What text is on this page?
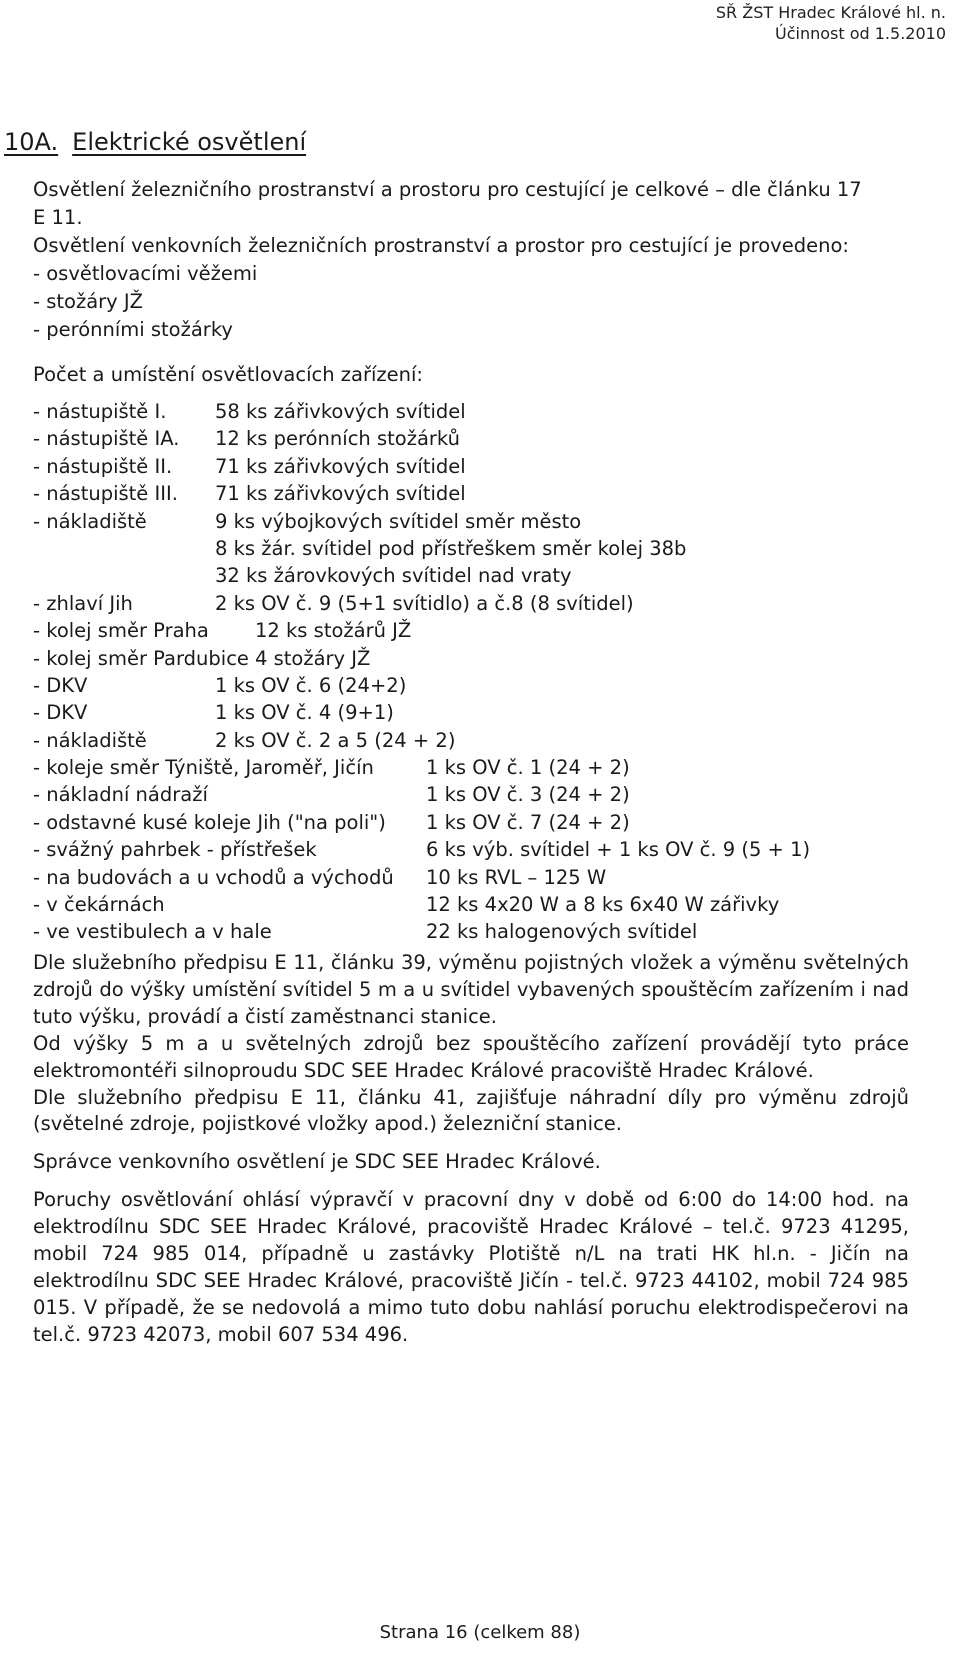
SŘ ŽST Hradec Králové hl. n.
Účinnost od 1.5.2010
10A. Elektrické osvětlení
Osvětlení železničního prostranství a prostoru pro cestující je celkové – dle článku 17
E 11.
Osvětlení venkovních železničních prostranství a prostor pro cestující je provedeno:
- osvětlovacími věžemi
- stožáry JŽ
- perónními stožárky
Počet a umístění osvětlovacích zařízení:
- nástupiště I. 58 ks zářivkových svítidel
- nástupiště IA. 12 ks perónních stožárků
- nástupiště II. 71 ks zářivkových svítidel
- nástupiště III. 71 ks zářivkových svítidel
- nákladiště	9 ks výbojkových svítidel směr město
8 ks žár. svítidel pod přístřeškem směr kolej 38b
32 ks žárovkových svítidel nad vraty
- zhlaví Jih	2 ks OV č. 9 (5+1 svítidlo) a č.8 (8 svítidel)
- kolej směr Praha 12 ks stožárů JŽ
- kolej směr Pardubice 4 stožáry JŽ
- DKV	1 ks OV č. 6 (24+2)
- DKV	1 ks OV č. 4 (9+1)
- nákladiště	2 ks OV č. 2 a 5 (24 + 2)
- koleje směr Týniště, Jaroměř, Jičín	1 ks OV č. 1 (24 + 2)
- nákladní nádraží	1 ks OV č. 3 (24 + 2)
- odstavné kusé koleje Jih ("na poli") 1 ks OV č. 7 (24 + 2)
- svážný pahrbek - přístřešek	6 ks výb. svítidel + 1 ks OV č. 9 (5 + 1)
- na budovách a u vchodů a východů 10 ks RVL – 125 W
- v čekárnách	12 ks 4x20 W a 8 ks 6x40 W zářivky
- ve vestibulech a v hale	22 ks halogenových svítidel

Dle služebního předpisu E 11, článku 39, výměnu pojistných vložek a výměnu světelných zdrojů do výšky umístění svítidel 5 m a u svítidel vybavených spouštěcím zařízením i nad tuto výšku, provádí a čistí zaměstnanci stanice.

Od výšky 5 m a u světelných zdrojů bez spouštěcího zařízení provádějí tyto práce elektromontéři silnoproudu SDC SEE Hradec Králové pracoviště Hradec Králové.

Dle služebního předpisu E 11, článku 41, zajišťuje náhradní díly pro výměnu zdrojů (světelné zdroje, pojistkové vložky apod.) železniční stanice.

Správce venkovního osvětlení je SDC SEE Hradec Králové.

Poruchy osvětlování ohlásí výpravčí v pracovní dny v době od 6:00 do 14:00 hod. na elektrodílnu SDC SEE Hradec Králové, pracoviště Hradec Králové – tel.č. 9723 41295, mobil 724 985 014, případně u zastávky Plotiště n/L na trati HK hl.n. - Jičín na elektrodílnu SDC SEE Hradec Králové, pracoviště Jičín - tel.č. 9723 44102, mobil 724 985 015. V případě, že se nedovolá a mimo tuto dobu nahlásí poruchu elektrodispečerovi na tel.č. 9723 42073, mobil 607 534 496.

Strana 16 (celkem 88)
